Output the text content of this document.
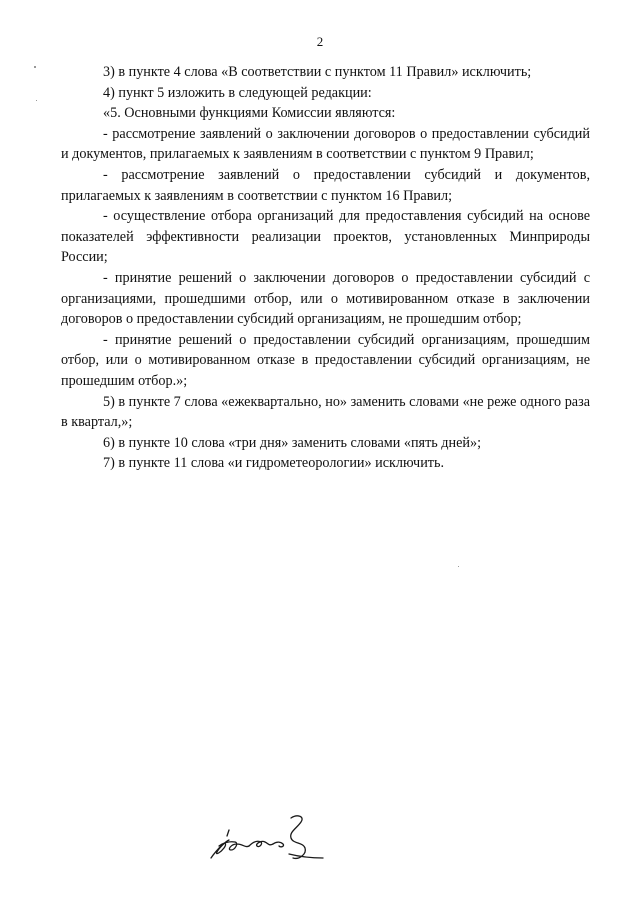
2

3) в пункте 4 слова «В соответствии с пунктом 11 Правил» исключить;

4) пункт 5 изложить в следующей редакции:

«5. Основными функциями Комиссии являются:

- рассмотрение заявлений о заключении договоров о предоставлении субсидий и документов, прилагаемых к заявлениям в соответствии с пунктом 9 Правил;

- рассмотрение заявлений о предоставлении субсидий и документов, прилагаемых к заявлениям в соответствии с пунктом 16 Правил;

- осуществление отбора организаций для предоставления субсидий на основе показателей эффективности реализации проектов, установленных Минприроды России;

- принятие решений о заключении договоров о предоставлении субсидий с организациями, прошедшими отбор, или о мотивированном отказе в заключении договоров о предоставлении субсидий организациям, не прошедшим отбор;

- принятие решений о предоставлении субсидий организациям, прошедшим отбор, или о мотивированном отказе в предоставлении субсидий организациям, не прошедшим отбор.»;

5) в пункте 7 слова «ежеквартально, но» заменить словами «не реже одного раза в квартал,»;

6) в пункте 10 слова «три дня» заменить словами «пять дней»;

7) в пункте 11 слова «и гидрометеорологии» исключить.
